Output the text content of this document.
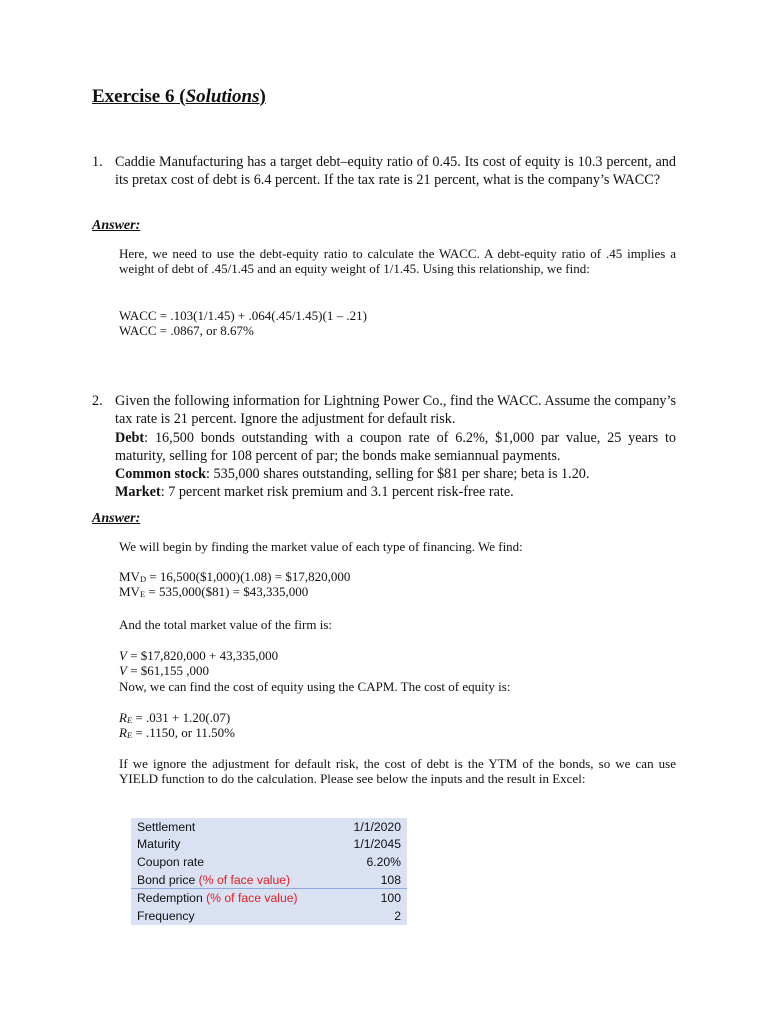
Exercise 6 (Solutions)
1. Caddie Manufacturing has a target debt–equity ratio of 0.45. Its cost of equity is 10.3 percent, and its pretax cost of debt is 6.4 percent. If the tax rate is 21 percent, what is the company’s WACC?

Answer:

Here, we need to use the debt-equity ratio to calculate the WACC. A debt-equity ratio of .45 implies a weight of debt of .45/1.45 and an equity weight of 1/1.45. Using this relationship, we find:

WACC = .103(1/1.45) + .064(.45/1.45)(1 – .21)
WACC = .0867, or 8.67%
2. Given the following information for Lightning Power Co., find the WACC. Assume the company’s tax rate is 21 percent. Ignore the adjustment for default risk.

Debt: 16,500 bonds outstanding with a coupon rate of 6.2%, $1,000 par value, 25 years to maturity, selling for 108 percent of par; the bonds make semiannual payments.

Common stock: 535,000 shares outstanding, selling for $81 per share; beta is 1.20.

Market: 7 percent market risk premium and 3.1 percent risk-free rate.

Answer:
We will begin by finding the market value of each type of financing. We find:
$MV_D$ = 16,500($1,000)(1.08) = $17,820,000
$MV_E$ = 535,000($81) = $43,335,000
And the total market value of the firm is:
V = $17,820,000 + 43,335,000
V = $61,155 ,000
Now, we can find the cost of equity using the CAPM. The cost of equity is:
$R_E = .031 + 1.20(.07)$
$R_E = .1150$, or 11.50%

If we ignore the adjustment for default risk, the cost of debt is the YTM of the bonds, so we can use YIELD function to do the calculation. Please see below the inputs and the result in Excel:

Settlement	1/1/2020
Maturity	1/1/2045
Coupon rate	6.20%
Bond price (% of face value)	108
Redemption (% of face value)	100
Frequency	2
